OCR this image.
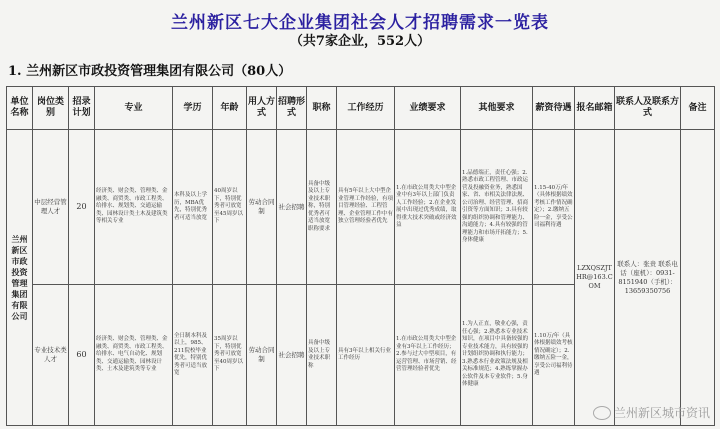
兰州新区七大企业集团社会人才招聘需求一览表
（共7家企业，552人）
1. 兰州新区市政投资管理集团有限公司（80人）
单位名称	岗位类别	招录计划	专业	学历	年龄	用人方式	招聘形式	职称	工作经历	业绩要求	其他要求	薪资待遇	报名邮箱	联系人及联系方式	备注
兰州新区市政投资管理集团有限公司	中层经营管理人才	20	经济类、财会类、管理类、金融类、商贸类、市政工程类、给排水、规划类、交通运输类、园林设计类土木及建筑类等相关专业	本科及以上学历，MBA优先，特别优秀者可适当放宽	40周岁以下，特别优秀者可放宽至45周岁以下	劳动合同制	社会招聘	具备中级及以上专业技术职称，特别优秀者可适当放宽职称要求	具有5年以上大中型企业管理工作经验，有项目管理经验、工程管理、企业管理工作中有独立管理经验者优先	1.在市政公用类大中型企业中有3年以上部门负责人工作经验；2.在企业发展中出现过优秀成绩，取得重大技术突破或经济效益	1.品德端正，责任心强；2.熟悉市政工程管理、市政运营及投融资业务，熟悉国家、省、市相关法律法规、公司治理、经营管理、招商引资等方面知识；3.具有较强的组织协调和管理能力、沟通能力；4.具有较强的管理能力和市场开拓能力；5.身体健康	1.15-40万/年（具体根据绩效考核工作情况确定）；2.缴纳五险一金，享受公司福利待遇	LZXQSZJTHR@163.COM	联系人：张贵 联系电话（座机）：0931-8151940（手机）：13659350756	
	专业技术类人才	60	经济类、财会类、管理类、金融类、商贸类、市政工程类、给排水、电气自动化、规划类、交通运输类、园林设计类、土木及建筑类等专业	全日制本科及以上，985、211院校毕业优先，特别优秀者可适当放宽	35周岁以下，特别优秀者可放宽至40周岁以下	劳动合同制	社会招聘	具备中级及以上专业技术职称	具有3年以上相关行业工作经历	1.在市政公用类大中型企业有3年以上工作经历；2.参与过大中型项目，有运营管理、市场营销、经营管理经验者优先	1.为人正直，敬业心强，责任心强；2.熟悉本专业技术知识，在项目中具备较强的专业技术能力，具有较强的计划组织协调和执行能力；3.熟悉本行业政策法规及相关标准规范；4.熟练掌握办公软件及本专业软件；5.身体健康	1.10万/年（具体根据绩效考核情况确定）；2.缴纳五险一金，享受公司福利待遇			
兰州新区城市资讯
